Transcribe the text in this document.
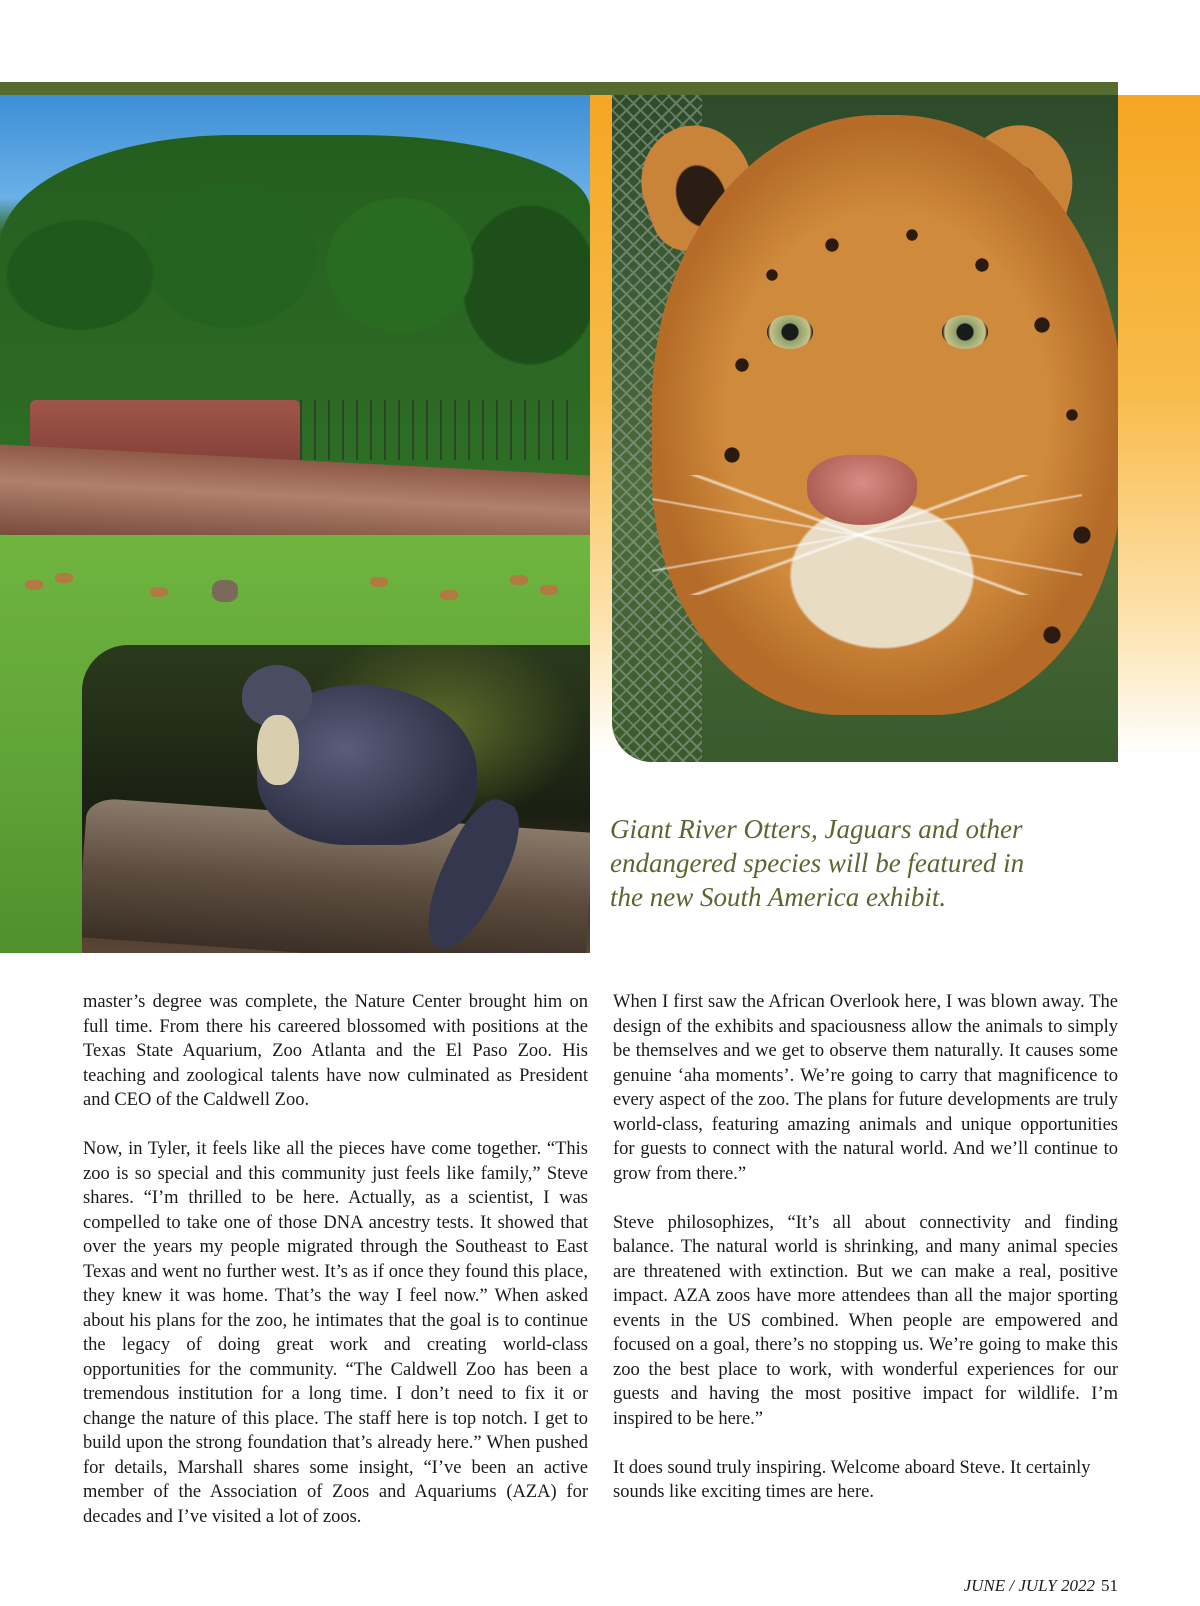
Giant River Otters, Jaguars and other
endangered species will be featured in
the new South America exhibit.

master’s degree was complete, the Nature Center brought him on full time. From there his careered blossomed with positions at the Texas State Aquarium, Zoo Atlanta and the El Paso Zoo. His teaching and zoological talents have now culminated as President and CEO of the Caldwell Zoo.

Now, in Tyler, it feels like all the pieces have come together. “This zoo is so special and this community just feels like family,” Steve shares. “I’m thrilled to be here. Actually, as a scientist, I was compelled to take one of those DNA ancestry tests. It showed that over the years my people migrated through the Southeast to East Texas and went no further west. It’s as if once they found this place, they knew it was home. That’s the way I feel now.” When asked about his plans for the zoo, he intimates that the goal is to continue the legacy of doing great work and creating world-class opportunities for the community. “The Caldwell Zoo has been a tremendous institution for a long time. I don’t need to fix it or change the nature of this place. The staff here is top notch. I get to build upon the strong foundation that’s already here.” When pushed for details, Marshall shares some insight, “I’ve been an active member of the Association of Zoos and Aquariums (AZA) for decades and I’ve visited a lot of zoos.

When I first saw the African Overlook here, I was blown away. The design of the exhibits and spaciousness allow the animals to simply be themselves and we get to observe them naturally. It causes some genuine ‘aha moments’. We’re going to carry that magnificence to every aspect of the zoo. The plans for future developments are truly world-class, featuring amazing animals and unique opportunities for guests to connect with the natural world. And we’ll continue to grow from there.”

Steve philosophizes, “It’s all about connectivity and finding balance. The natural world is shrinking, and many animal species are threatened with extinction. But we can make a real, positive impact. AZA zoos have more attendees than all the major sporting events in the US combined. When people are empowered and focused on a goal, there’s no stopping us. We’re going to make this zoo the best place to work, with wonderful experiences for our guests and having the most positive impact for wildlife. I’m inspired to be here.”

It does sound truly inspiring. Welcome aboard Steve. It certainly sounds like exciting times are here.

JUNE / JULY 2022 51
